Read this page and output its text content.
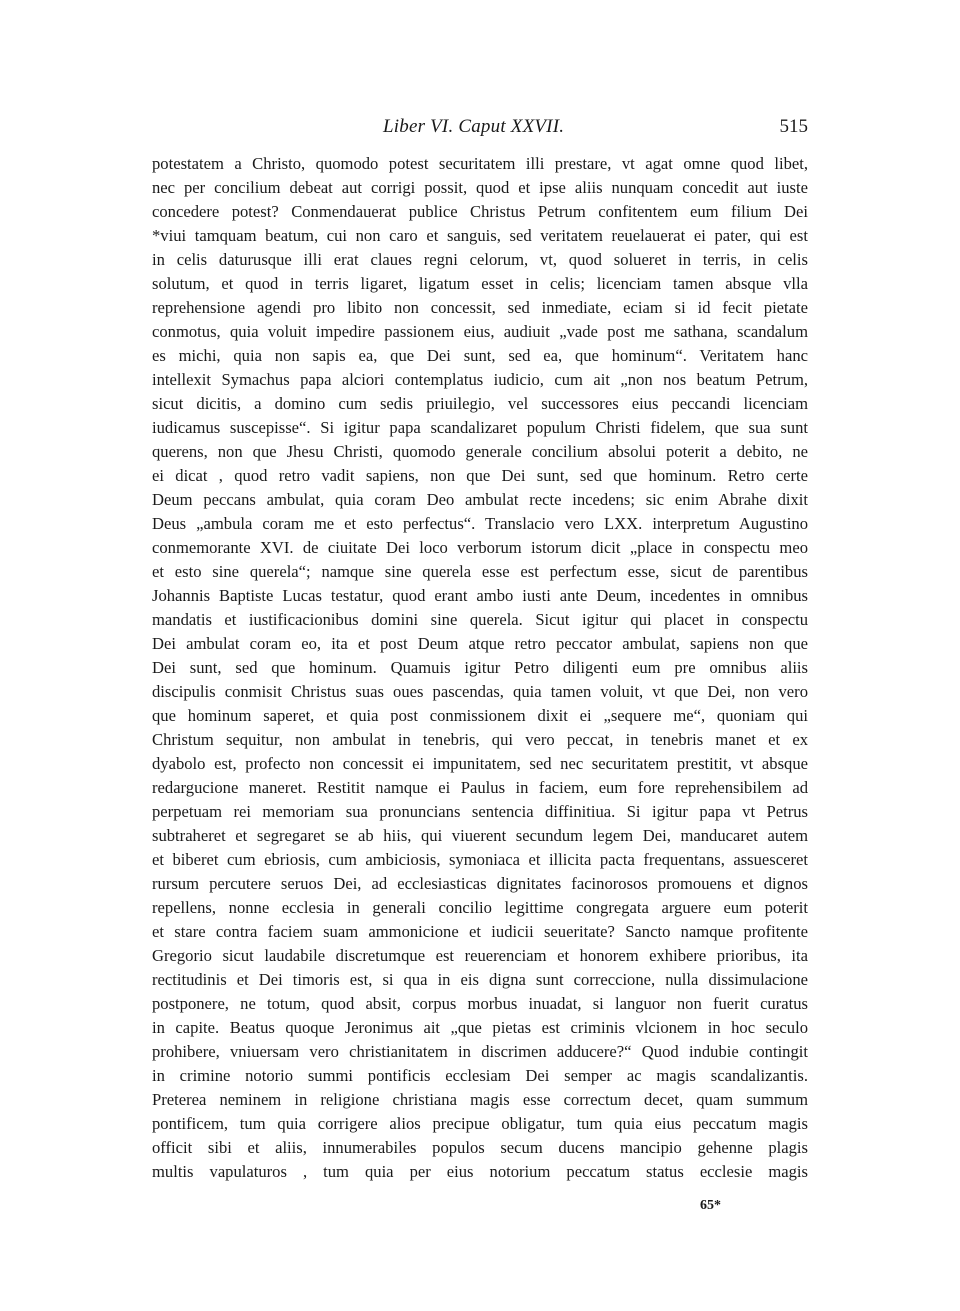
Liber VI. Caput XXVII.	515
potestatem a Christo, quomodo potest securitatem illi prestare, vt agat omne quod libet,
nec per concilium debeat aut corrigi possit, quod et ipse aliis nunquam concedit aut iuste
concedere potest? Conmendauerat publice Christus Petrum confitentem eum filium Dei
*viui tamquam beatum, cui non caro et sanguis, sed veritatem reuelauerat ei pater, qui est
in celis daturusque illi erat claues regni celorum, vt, quod solueret in terris, in celis
solutum, et quod in terris ligaret, ligatum esset in celis; licenciam tamen absque vlla
reprehensione agendi pro libito non concessit, sed inmediate, eciam si id fecit pietate
conmotus, quia voluit impedire passionem eius, audiuit „vade post me sathana, scandalum
es michi, quia non sapis ea, que Dei sunt, sed ea, que hominum“. Veritatem hanc
intellexit Symachus papa alciori contemplatus iudicio, cum ait „non nos beatum Petrum,
sicut dicitis, a domino cum sedis priuilegio, vel successores eius peccandi licenciam
iudicamus suscepisse“. Si igitur papa scandalizaret populum Christi fidelem, que sua sunt
querens, non que Jhesu Christi, quomodo generale concilium absolui poterit a debito, ne
ei dicat , quod retro vadit sapiens, non que Dei sunt, sed que hominum. Retro certe
Deum peccans ambulat, quia coram Deo ambulat recte incedens; sic enim Abrahe dixit
Deus „ambula coram me et esto perfectus“. Translacio vero LXX. interpretum Augustino
conmemorante XVI. de ciuitate Dei loco verborum istorum dicit „place in conspectu meo
et esto sine querela“; namque sine querela esse est perfectum esse, sicut de parentibus
Johannis Baptiste Lucas testatur, quod erant ambo iusti ante Deum, incedentes in omnibus
mandatis et iustificacionibus domini sine querela. Sicut igitur qui placet in conspectu
Dei ambulat coram eo, ita et post Deum atque retro peccator ambulat, sapiens non que
Dei sunt, sed que hominum. Quamuis igitur Petro diligenti eum pre omnibus aliis
discipulis conmisit Christus suas oues pascendas, quia tamen voluit, vt que Dei, non vero
que hominum saperet, et quia post conmissionem dixit ei „sequere me“, quoniam qui
Christum sequitur, non ambulat in tenebris, qui vero peccat, in tenebris manet et ex
dyabolo est, profecto non concessit ei impunitatem, sed nec securitatem prestitit, vt absque
redargucione maneret. Restitit namque ei Paulus in faciem, eum fore reprehensibilem ad
perpetuam rei memoriam sua pronuncians sentencia diffinitiua. Si igitur papa vt Petrus
subtraheret et segregaret se ab hiis, qui viuerent secundum legem Dei, manducaret autem
et biberet cum ebriosis, cum ambiciosis, symoniaca et illicita pacta frequentans, assuesceret
rursum percutere seruos Dei, ad ecclesiasticas dignitates facinorosos promouens et dignos
repellens, nonne ecclesia in generali concilio legittime congregata arguere eum poterit
et stare contra faciem suam ammonicione et iudicii seueritate? Sancto namque profitente
Gregorio sicut laudabile discretumque est reuerenciam et honorem exhibere prioribus, ita
rectitudinis et Dei timoris est, si qua in eis digna sunt correccione, nulla dissimulacione
postponere, ne totum, quod absit, corpus morbus inuadat, si languor non fuerit curatus
in capite. Beatus quoque Jeronimus ait „que pietas est criminis vlcionem in hoc seculo
prohibere, vniuersam vero christianitatem in discrimen adducere?“ Quod indubie contingit
in crimine notorio summi pontificis ecclesiam Dei semper ac magis scandalizantis.
Preterea neminem in religione christiana magis esse correctum decet, quam summum
pontificem, tum quia corrigere alios precipue obligatur, tum quia eius peccatum magis
officit sibi et aliis, innumerabiles populos secum ducens mancipio gehenne plagis
multis vapulaturos , tum quia per eius notorium peccatum status ecclesie magis
65*
